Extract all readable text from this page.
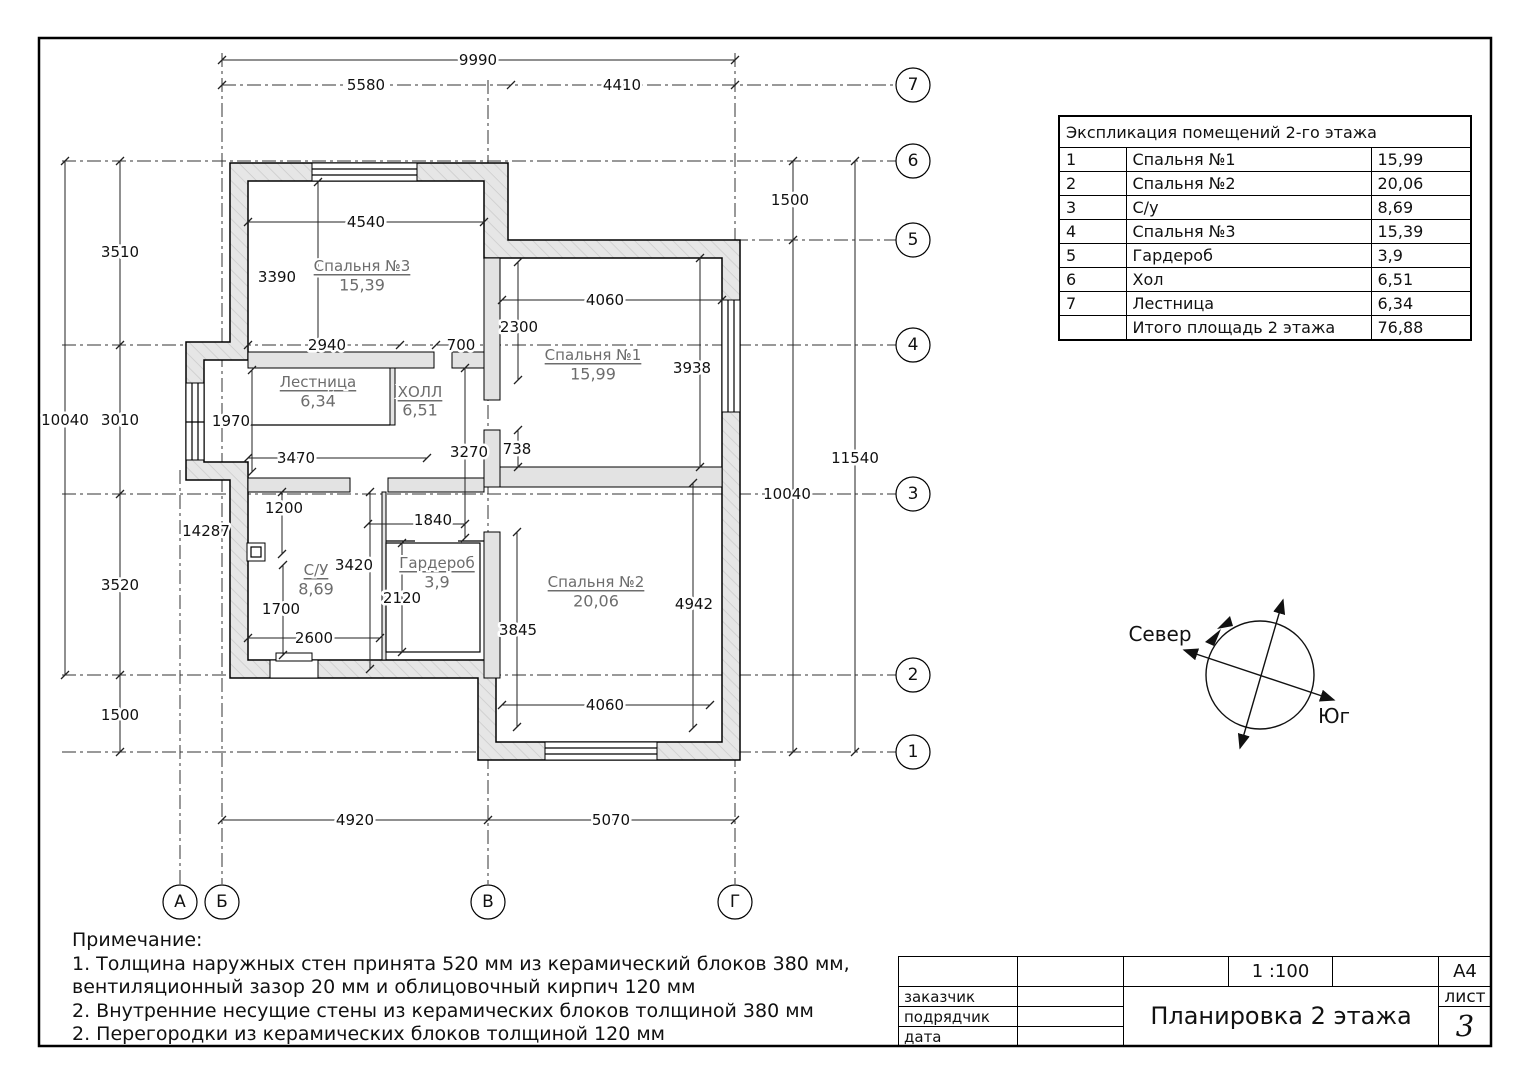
9990
5580	4410
4920	5070
10040
3510
3010
3520
1500
1500
10040
11540
4540
3390
2940	700
4060
2300
3938
738
3270
1840
1200
3470
1970
14287
3420
2120
1700
2600	3845
4942
4060
Спальня №3
15,39
Лестница
6,34	ХОЛЛ
6,51
Спальня №1
15,99
С/У
8,69
Гардероб
3,9	Спальня №2
20,06
7
6
5
4
3
2
1
А Б	В	Г
Север
Юг
Экспликация помещений 2-го этажа		
1	Спальня №1	15,99
2	Спальня №2	20,06
3	С/у	8,69
4	Спальня №3	15,39
5	Гардероб	3,9
6	Хол	6,51
7	Лестница	6,34
	Итого площадь 2 этажа	76,88
Примечание:
1. Толщина наружных стен принята 520 мм из керамический блоков 380 мм,
вентиляционный зазор 20 мм и облицовочный кирпич 120 мм
2. Внутренние несущие стены из керамических блоков толщиной 380 мм
2. Перегородки из керамических блоков толщиной 120 мм
1 :100	А4
заказчик
подрядчик
дата
Планировка 2 этажа
лист
3
